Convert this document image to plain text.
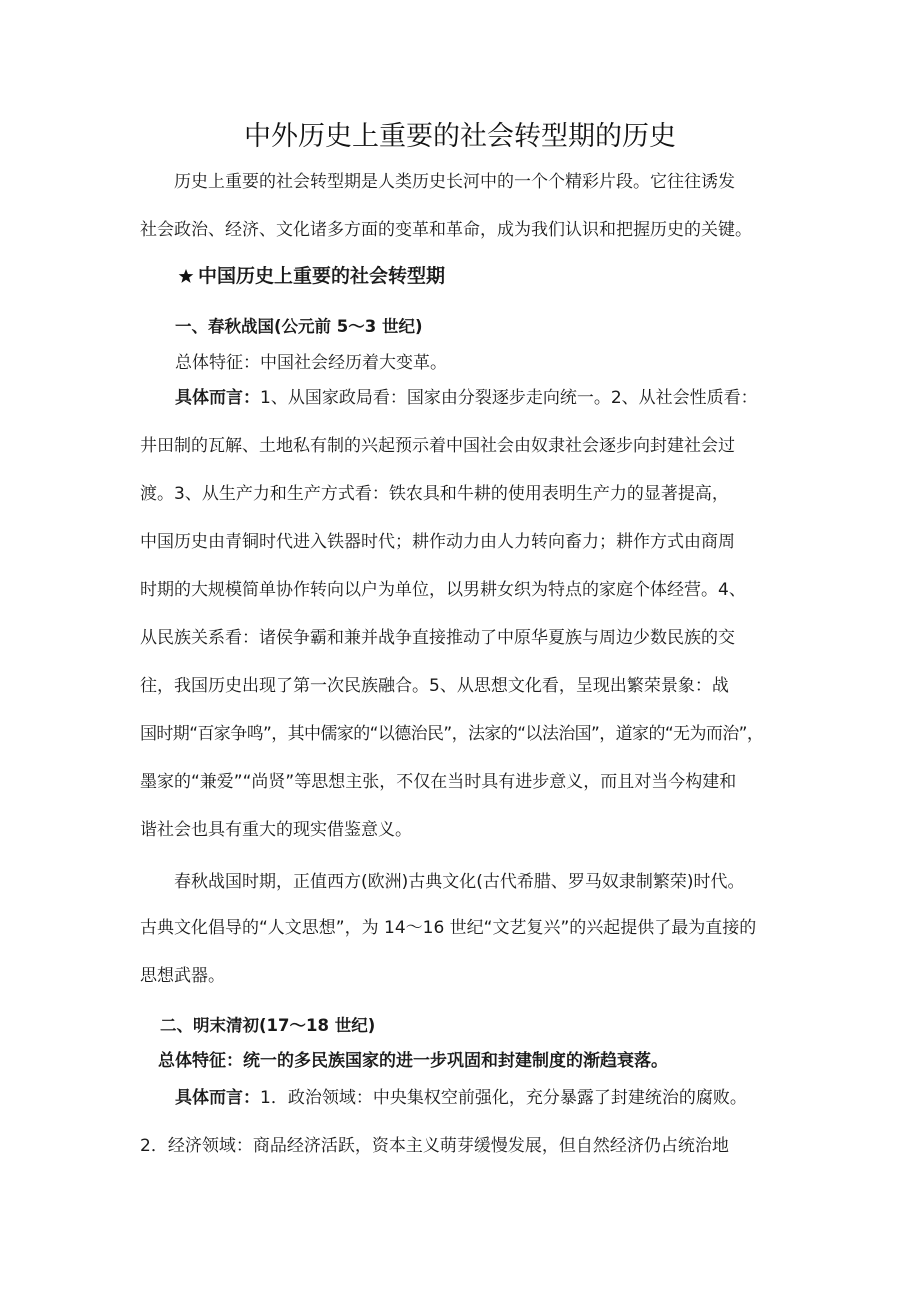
中外历史上重要的社会转型期的历史
历史上重要的社会转型期是人类历史长河中的一个个精彩片段。它往往诱发
社会政治、经济、文化诸多方面的变革和革命，成为我们认识和把握历史的关键。
中国历史上重要的社会转型期
一、春秋战国(公元前 5～3 世纪)
总体特征：中国社会经历着大变革。
具体而言：1、从国家政局看：国家由分裂逐步走向统一。2、从社会性质看：
井田制的瓦解、土地私有制的兴起预示着中国社会由奴隶社会逐步向封建社会过
渡。3、从生产力和生产方式看：铁农具和牛耕的使用表明生产力的显著提高，
中国历史由青铜时代进入铁器时代；耕作动力由人力转向畜力；耕作方式由商周
时期的大规模简单协作转向以户为单位，以男耕女织为特点的家庭个体经营。4、
从民族关系看：诸侯争霸和兼并战争直接推动了中原华夏族与周边少数民族的交
往，我国历史出现了第一次民族融合。5、从思想文化看，呈现出繁荣景象：战
国时期“百家争鸣”，其中儒家的“以德治民”，法家的“以法治国”，道家的“无为而治”，
墨家的“兼爱”“尚贤”等思想主张，不仅在当时具有进步意义，而且对当今构建和
谐社会也具有重大的现实借鉴意义。
春秋战国时期，正值西方(欧洲)古典文化(古代希腊、罗马奴隶制繁荣)时代。
古典文化倡导的“人文思想”，为 14～16 世纪“文艺复兴”的兴起提供了最为直接的
思想武器。
二、明末清初(17～18 世纪)
总体特征：统一的多民族国家的进一步巩固和封建制度的渐趋衰落。
具体而言：1．政治领域：中央集权空前强化，充分暴露了封建统治的腐败。
2．经济领域：商品经济活跃，资本主义萌芽缓慢发展，但自然经济仍占统治地
